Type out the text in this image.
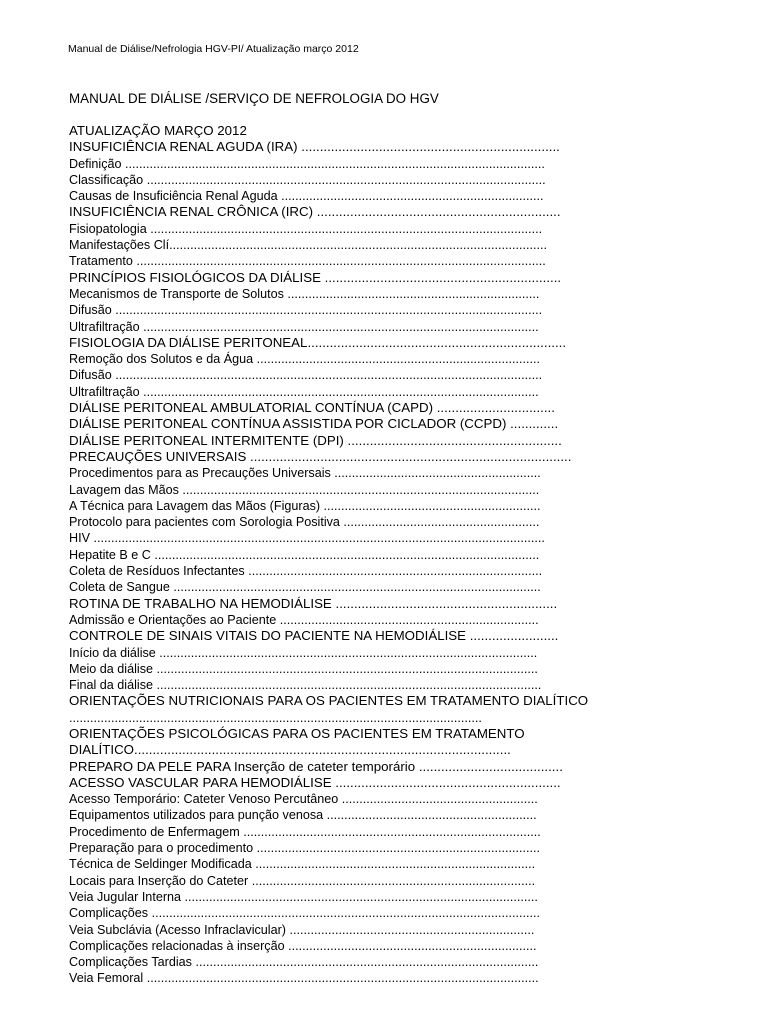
Manual de Diálise/Nefrologia HGV-PI/ Atualização março 2012
MANUAL DE DIÁLISE /SERVIÇO DE NEFROLOGIA DO HGV
ATUALIZAÇÃO MARÇO 2012
INSUFICIÊNCIA RENAL AGUDA (IRA) ......................................................................
Definição ........................................................................................................................
Classificação ..................................................................................................................
Causas de Insuficiência Renal Aguda ...........................................................................
INSUFICIÊNCIA RENAL CRÔNICA (IRC) ..................................................................
Fisiopatologia ................................................................................................................
Manifestações Clí............................................................................................................
Tratamento .....................................................................................................................
PRINCÍPIOS FISIOLÓGICOS DA DIÁLISE ................................................................
Mecanismos de Transporte de Solutos ........................................................................
Difusão ..........................................................................................................................
Ultrafiltração .................................................................................................................
FISIOLOGIA DA DIÁLISE PERITONEAL......................................................................
Remoção dos Solutos e da Água .................................................................................
Difusão ..........................................................................................................................
Ultrafiltração .................................................................................................................
DIÁLISE PERITONEAL AMBULATORIAL CONTÍNUA (CAPD) ................................
DIÁLISE PERITONEAL CONTÍNUA ASSISTIDA POR CICLADOR (CCPD) .............
DIÁLISE PERITONEAL INTERMITENTE (DPI) ..........................................................
PRECAUÇÕES UNIVERSAIS .......................................................................................
Procedimentos para as Precauções Universais ...........................................................
Lavagem das Mãos ......................................................................................................
A Técnica para Lavagem das Mãos (Figuras) ..............................................................
Protocolo para pacientes com Sorologia Positiva ........................................................
HIV .................................................................................................................................
Hepatite B e C ..............................................................................................................
Coleta de Resíduos Infectantes ....................................................................................
Coleta de Sangue .........................................................................................................
ROTINA DE TRABALHO NA HEMODIÁLISE ............................................................
Admissão e Orientações ao Paciente ..........................................................................
CONTROLE DE SINAIS VITAIS DO PACIENTE NA HEMODIÁLISE ........................
Início da diálise ............................................................................................................
Meio da diálise .............................................................................................................
Final da diálise ..............................................................................................................
ORIENTAÇÕES NUTRICIONAIS PARA OS PACIENTES EM TRATAMENTO DIALÍTICO
......................................................................................................................
ORIENTAÇÕES PSICOLÓGICAS PARA OS PACIENTES EM TRATAMENTO
DIALÍTICO......................................................................................................
PREPARO DA PELE PARA Inserção de cateter temporário .......................................
ACESSO VASCULAR PARA HEMODIÁLISE .............................................................
Acesso Temporário: Cateter Venoso Percutâneo ........................................................
Equipamentos utilizados para punção venosa ............................................................
Procedimento de Enfermagem .....................................................................................
Preparação para o procedimento .................................................................................
Técnica de Seldinger Modificada ................................................................................
Locais para Inserção do Cateter .................................................................................
Veia Jugular Interna .....................................................................................................
Complicações ...............................................................................................................
Veia Subclávia (Acesso Infraclavicular) ......................................................................
Complicações relacionadas à inserção .......................................................................
Complicações Tardias ..................................................................................................
Veia Femoral ................................................................................................................
